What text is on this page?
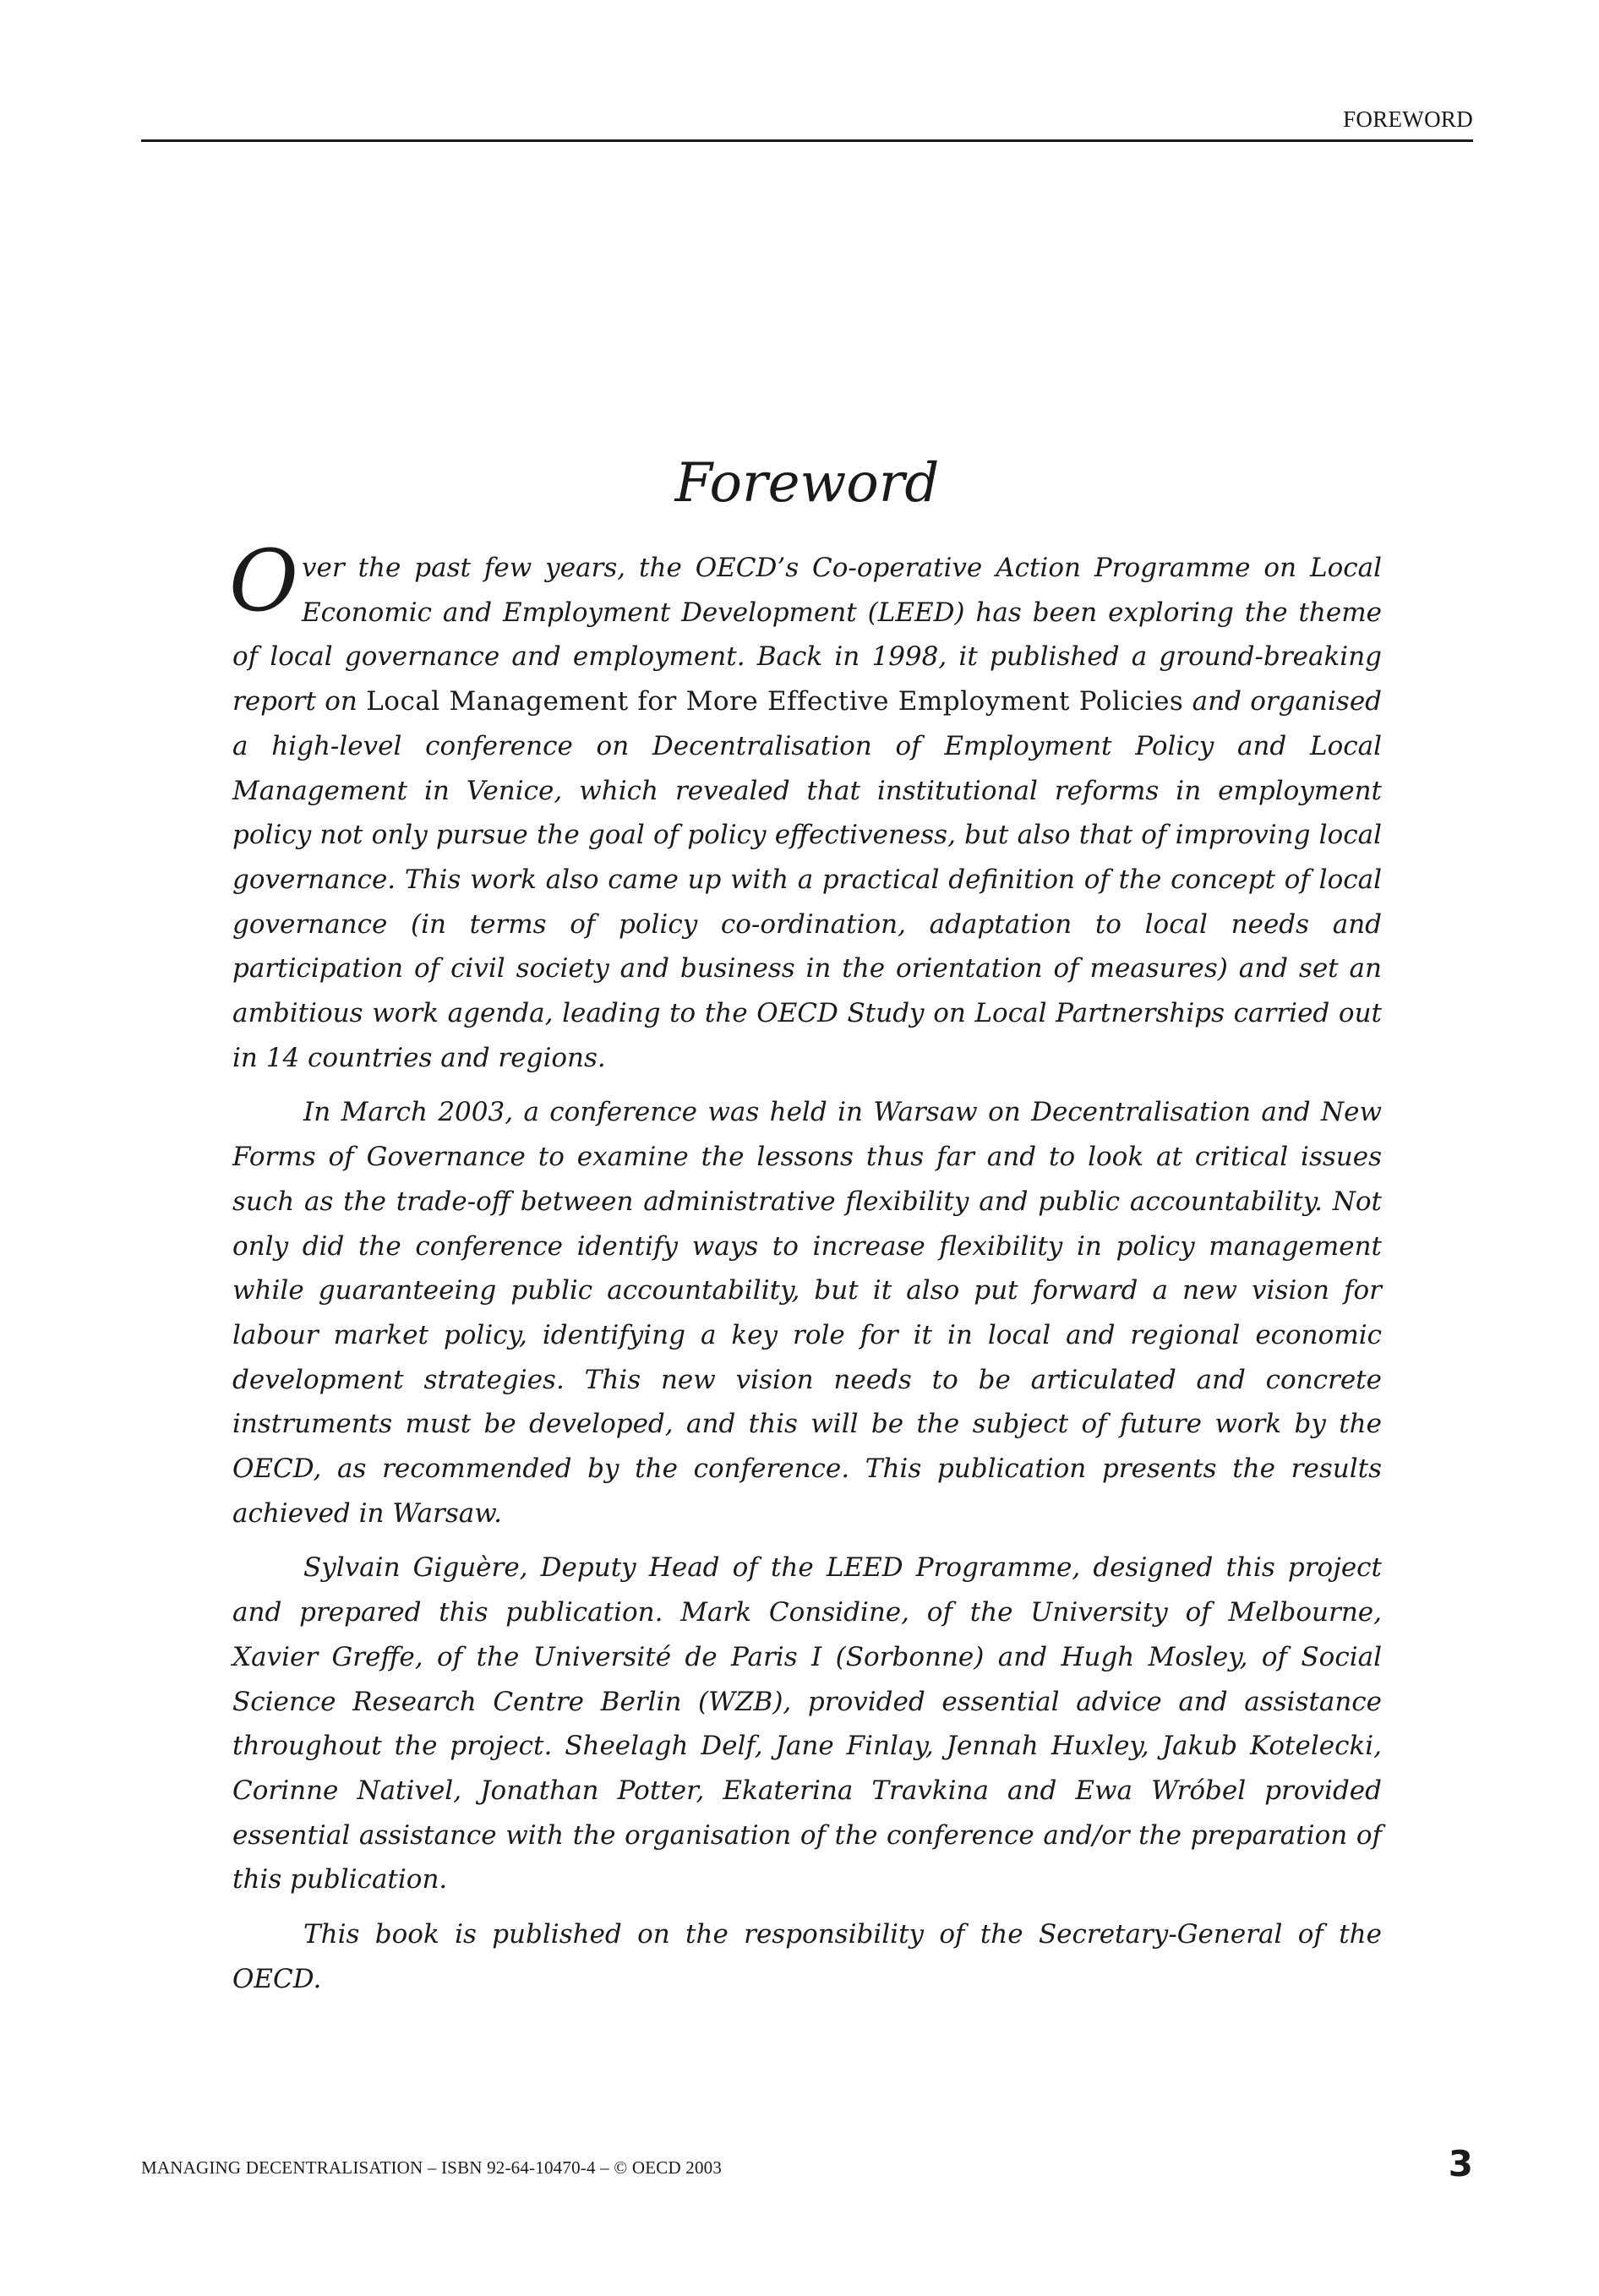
FOREWORD
Foreword

Over the past few years, the OECD’s Co-operative Action Programme on Local Economic and Employment Development (LEED) has been exploring the theme of local governance and employment. Back in 1998, it published a ground-breaking report on Local Management for More Effective Employment Policies and organised a high-level conference on Decentralisation of Employment Policy and Local Management in Venice, which revealed that institutional reforms in employment policy not only pursue the goal of policy effectiveness, but also that of improving local governance. This work also came up with a practical definition of the concept of local governance (in terms of policy co-ordination, adaptation to local needs and participation of civil society and business in the orientation of measures) and set an ambitious work agenda, leading to the OECD Study on Local Partnerships carried out in 14 countries and regions.

In March 2003, a conference was held in Warsaw on Decentralisation and New Forms of Governance to examine the lessons thus far and to look at critical issues such as the trade-off between administrative flexibility and public accountability. Not only did the conference identify ways to increase flexibility in policy management while guaranteeing public accountability, but it also put forward a new vision for labour market policy, identifying a key role for it in local and regional economic development strategies. This new vision needs to be articulated and concrete instruments must be developed, and this will be the subject of future work by the OECD, as recommended by the conference. This publication presents the results achieved in Warsaw.

Sylvain Giguère, Deputy Head of the LEED Programme, designed this project and prepared this publication. Mark Considine, of the University of Melbourne, Xavier Greffe, of the Université de Paris I (Sorbonne) and Hugh Mosley, of Social Science Research Centre Berlin (WZB), provided essential advice and assistance throughout the project. Sheelagh Delf, Jane Finlay, Jennah Huxley, Jakub Kotelecki, Corinne Nativel, Jonathan Potter, Ekaterina Travkina and Ewa Wróbel provided essential assistance with the organisation of the conference and/or the preparation of this publication.

This book is published on the responsibility of the Secretary-General of the OECD.

MANAGING DECENTRALISATION – ISBN 92-64-10470-4 – © OECD 2003	3
